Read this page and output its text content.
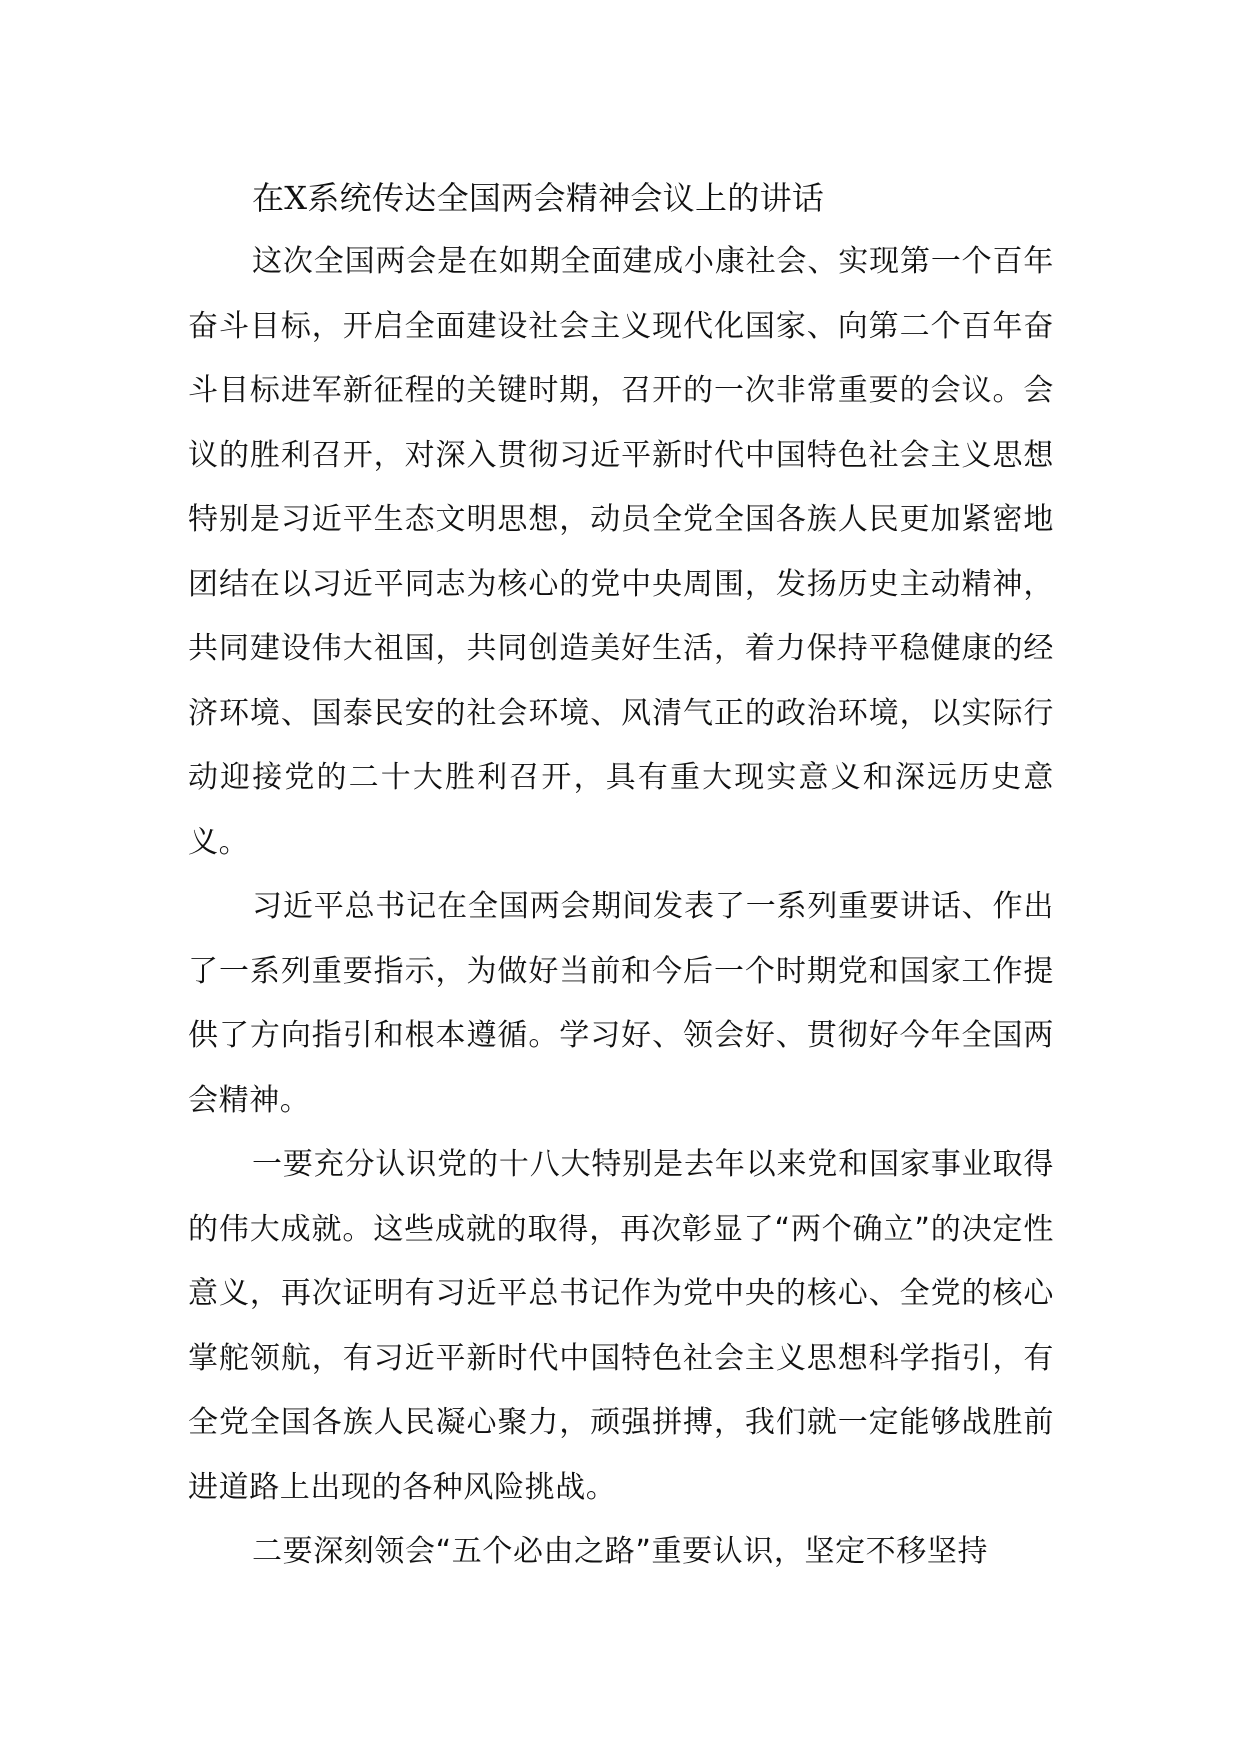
在X系统传达全国两会精神会议上的讲话

这次全国两会是在如期全面建成小康社会、实现第一个百年奋斗目标，开启全面建设社会主义现代化国家、向第二个百年奋斗目标进军新征程的关键时期，召开的一次非常重要的会议。会议的胜利召开，对深入贯彻习近平新时代中国特色社会主义思想特别是习近平生态文明思想，动员全党全国各族人民更加紧密地团结在以习近平同志为核心的党中央周围，发扬历史主动精神，共同建设伟大祖国，共同创造美好生活，着力保持平稳健康的经济环境、国泰民安的社会环境、风清气正的政治环境，以实际行动迎接党的二十大胜利召开，具有重大现实意义和深远历史意义。

习近平总书记在全国两会期间发表了一系列重要讲话、作出了一系列重要指示，为做好当前和今后一个时期党和国家工作提供了方向指引和根本遵循。学习好、领会好、贯彻好今年全国两会精神。

一要充分认识党的十八大特别是去年以来党和国家事业取得的伟大成就。这些成就的取得，再次彰显了“两个确立”的决定性意义，再次证明有习近平总书记作为党中央的核心、全党的核心掌舵领航，有习近平新时代中国特色社会主义思想科学指引，有全党全国各族人民凝心聚力，顽强拼搏，我们就一定能够战胜前进道路上出现的各种风险挑战。

二要深刻领会“五个必由之路”重要认识，坚定不移坚持
